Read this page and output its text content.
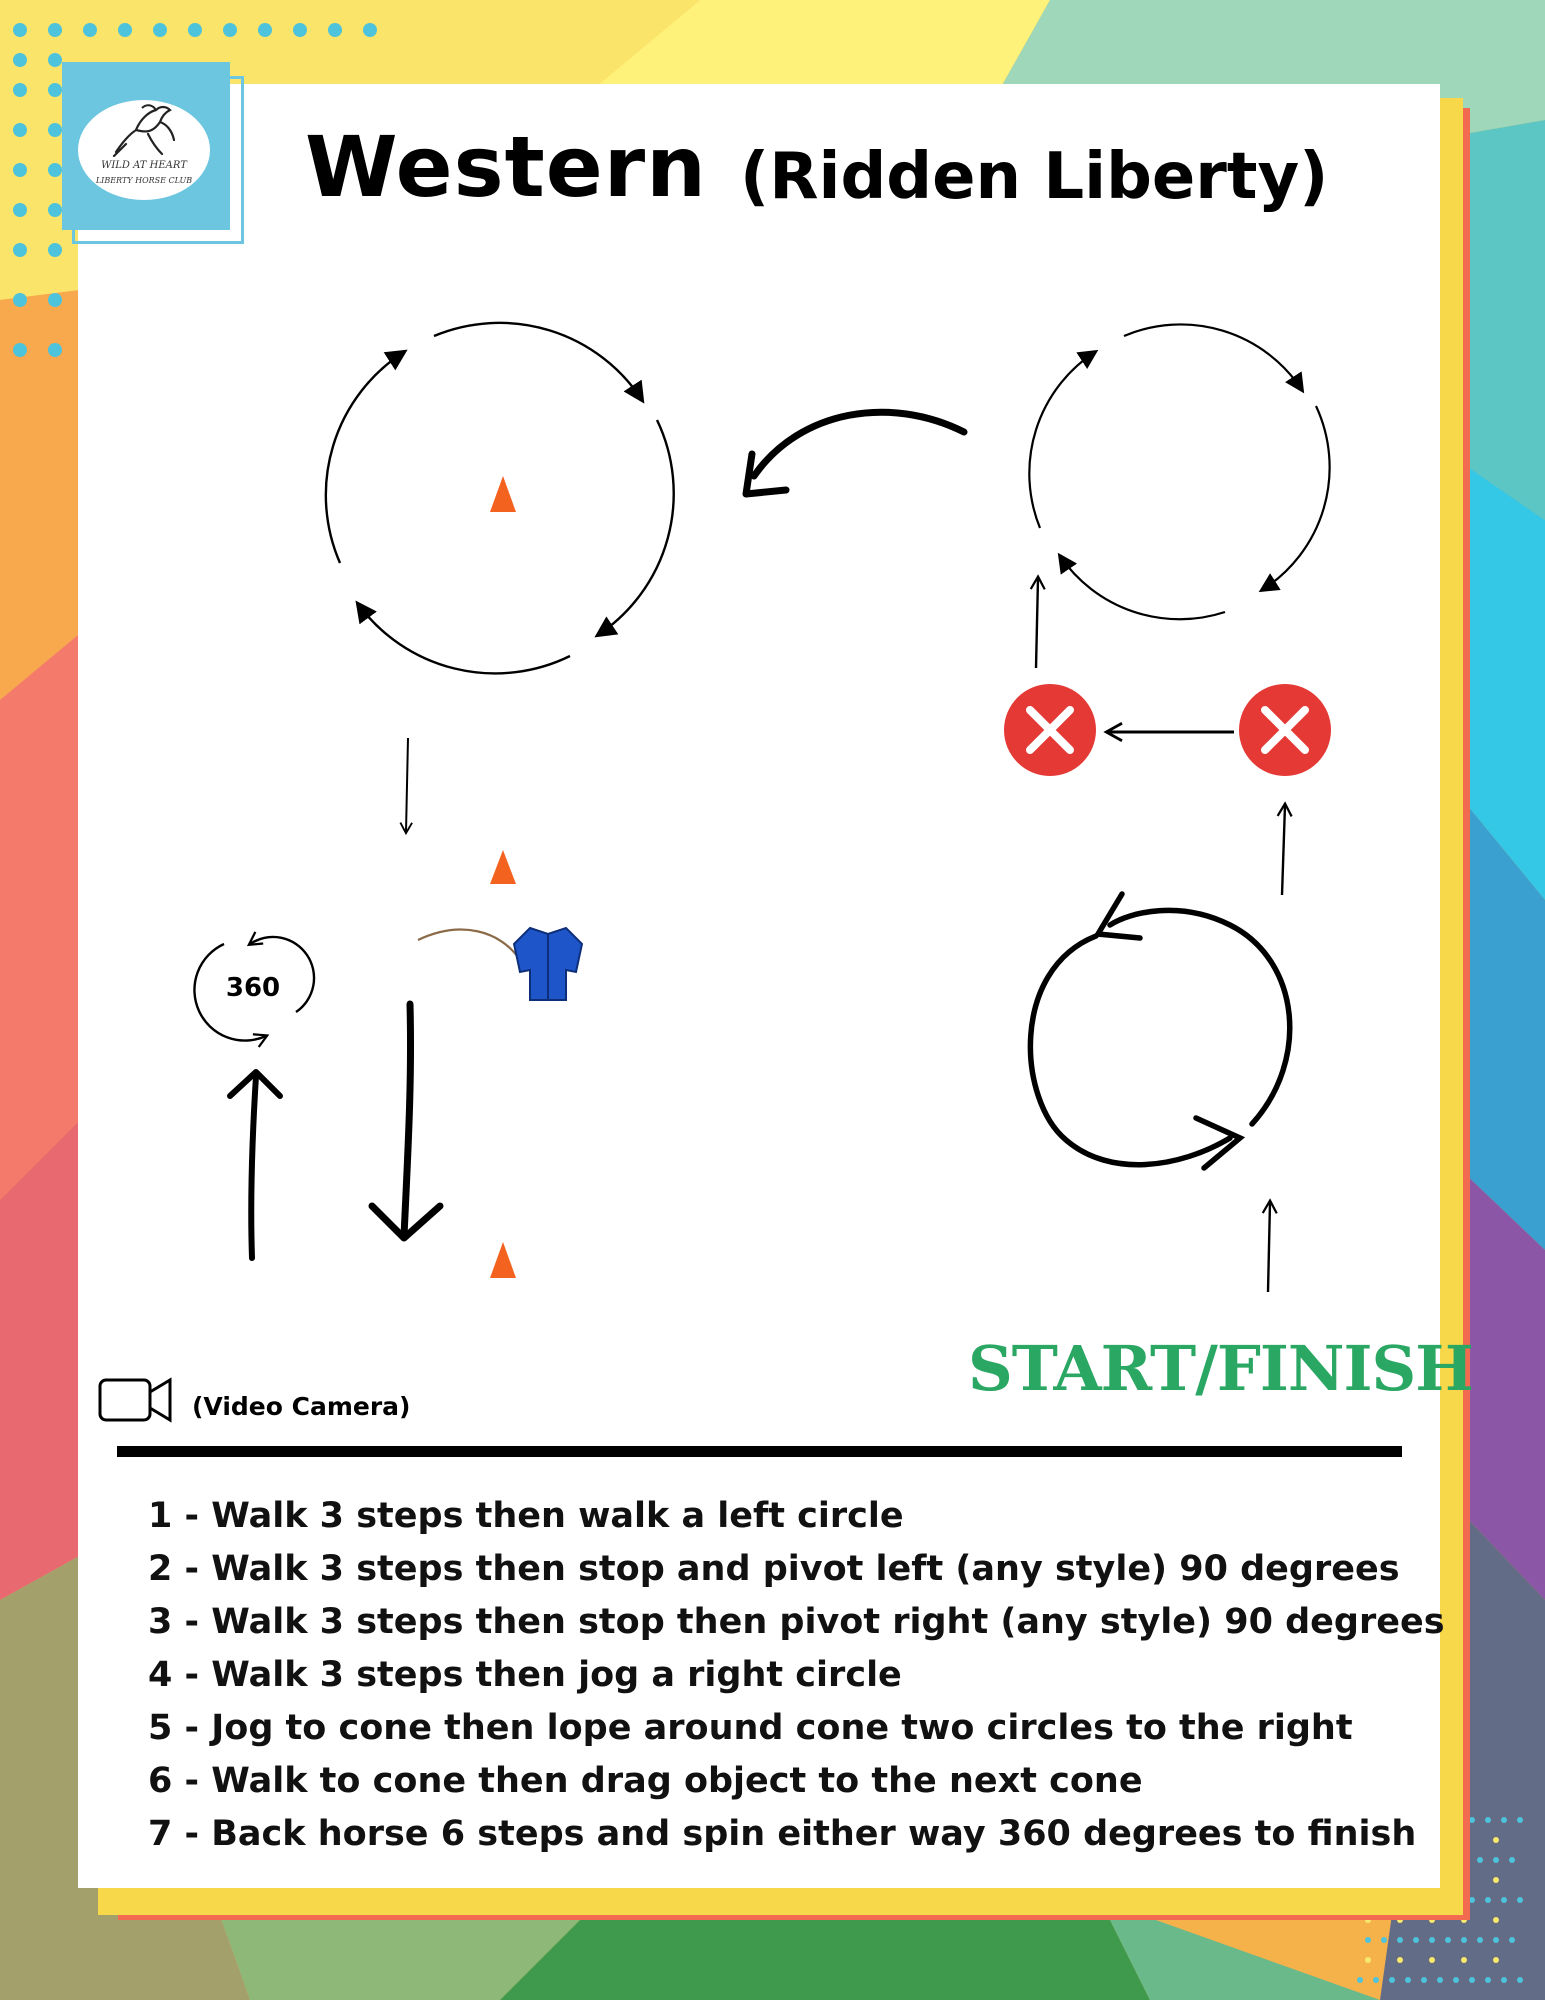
WILD AT HEART
LIBERTY HORSE CLUB Western (Ridden Liberty)
360
START/FINISH
(Video Camera)
1 - Walk 3 steps then walk a left circle
2 - Walk 3 steps then stop and pivot left (any style) 90 degrees
3 - Walk 3 steps then stop then pivot right (any style) 90 degrees
4 - Walk 3 steps then jog a right circle
5 - Jog to cone then lope around cone two circles to the right
6 - Walk to cone then drag object to the next cone
7 - Back horse 6 steps and spin either way 360 degrees to finish
